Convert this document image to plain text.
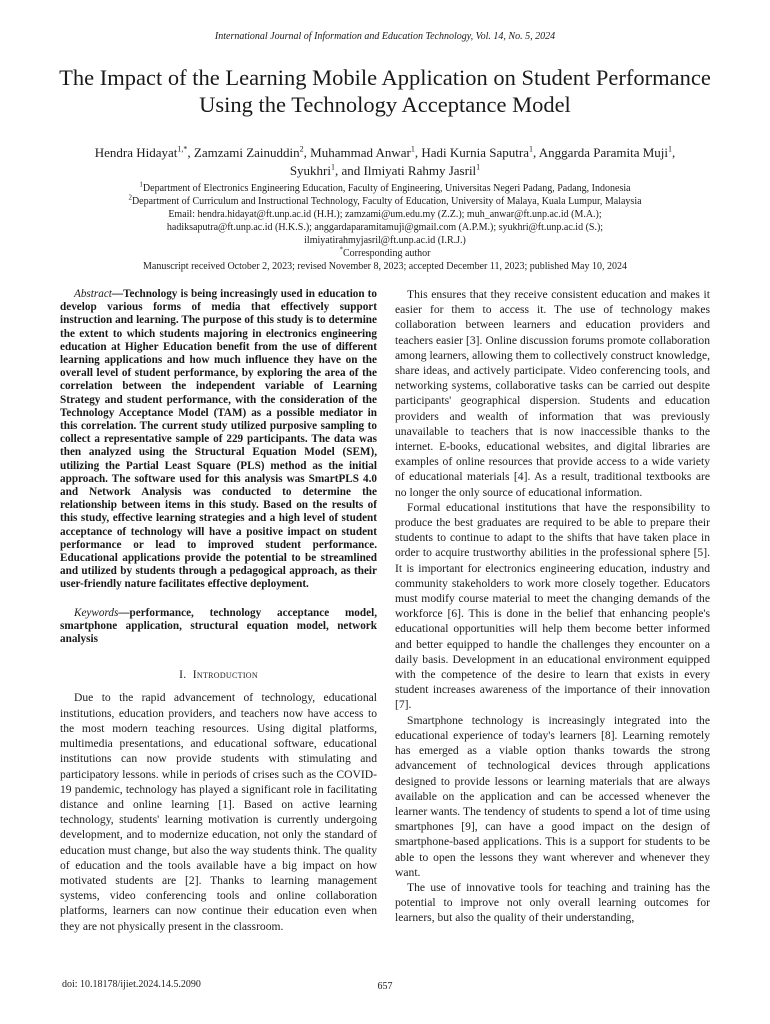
International Journal of Information and Education Technology, Vol. 14, No. 5, 2024
The Impact of the Learning Mobile Application on Student Performance Using the Technology Acceptance Model
Hendra Hidayat$^{1,*}$, Zamzami Zainuddin$^2$, Muhammad Anwar$^1$, Hadi Kurnia Saputra$^1$, Anggarda Paramita Muji$^1$,
Syukhri$^1$, and Ilmiyati Rahmy Jasril$^1$
$^1$Department of Electronics Engineering Education, Faculty of Engineering, Universitas Negeri Padang, Padang, Indonesia
$^2$Department of Curriculum and Instructional Technology, Faculty of Education, University of Malaya, Kuala Lumpur, Malaysia
Email: hendra.hidayat@ft.unp.ac.id (H.H.); zamzami@um.edu.my (Z.Z.); muh_anwar@ft.unp.ac.id (M.A.);
hadiksaputra@ft.unp.ac.id (H.K.S.); anggardaparamitamuji@gmail.com (A.P.M.); syukhri@ft.unp.ac.id (S.);
ilmiyatirahmyjasril@ft.unp.ac.id (I.R.J.)
*Corresponding author
Manuscript received October 2, 2023; revised November 8, 2023; accepted December 11, 2023; published May 10, 2024

Abstract—Technology is being increasingly used in education to develop various forms of media that effectively support instruction and learning. The purpose of this study is to determine the extent to which students majoring in electronics engineering education at Higher Education benefit from the use of different learning applications and how much influence they have on the overall level of student performance, by exploring the area of the correlation between the independent variable of Learning Strategy and student performance, with the consideration of the Technology Acceptance Model (TAM) as a possible mediator in this correlation. The current study utilized purposive sampling to collect a representative sample of 229 participants. The data was then analyzed using the Structural Equation Model (SEM), utilizing the Partial Least Square (PLS) method as the initial approach. The software used for this analysis was SmartPLS 4.0 and Network Analysis was conducted to determine the relationship between items in this study. Based on the results of this study, effective learning strategies and a high level of student acceptance of technology will have a positive impact on student performance or lead to improved student performance. Educational applications provide the potential to be streamlined and utilized by students through a pedagogical approach, as their user-friendly nature facilitates effective deployment.

Keywords—performance, technology acceptance model, smartphone application, structural equation model, network analysis

I. Introduction

Due to the rapid advancement of technology, educational institutions, education providers, and teachers now have access to the most modern teaching resources. Using digital platforms, multimedia presentations, and educational software, educational institutions can now provide students with stimulating and participatory lessons. while in periods of crises such as the COVID-19 pandemic, technology has played a significant role in facilitating distance and online learning [1]. Based on active learning technology, students' learning motivation is currently undergoing development, and to modernize education, not only the standard of education must change, but also the way students think. The quality of education and the tools available have a big impact on how motivated students are [2]. Thanks to learning management systems, video conferencing tools and online collaboration platforms, learners can now continue their education even when they are not physically present in the classroom.

This ensures that they receive consistent education and makes it easier for them to access it. The use of technology makes collaboration between learners and education providers and teachers easier [3]. Online discussion forums promote collaboration among learners, allowing them to collectively construct knowledge, share ideas, and actively participate. Video conferencing tools, and networking systems, collaborative tasks can be carried out despite participants' geographical dispersion. Students and education providers and wealth of information that was previously unavailable to teachers that is now inaccessible thanks to the internet. E-books, educational websites, and digital libraries are examples of online resources that provide access to a wide variety of educational materials [4]. As a result, traditional textbooks are no longer the only source of educational information.

Formal educational institutions that have the responsibility to produce the best graduates are required to be able to prepare their students to continue to adapt to the shifts that have taken place in order to acquire trustworthy abilities in the professional sphere [5]. It is important for electronics engineering education, industry and community stakeholders to work more closely together. Educators must modify course material to meet the changing demands of the workforce [6]. This is done in the belief that enhancing people's educational opportunities will help them become better informed and better equipped to handle the challenges they encounter on a daily basis. Development in an educational environment equipped with the competence of the desire to learn that exists in every student increases awareness of the importance of their innovation [7].

Smartphone technology is increasingly integrated into the educational experience of today's learners [8]. Learning remotely has emerged as a viable option thanks towards the strong advancement of technological devices through applications designed to provide lessons or learning materials that are always available on the application and can be accessed whenever the learner wants. The tendency of students to spend a lot of time using smartphones [9], can have a good impact on the design of smartphone-based applications. This is a support for students to be able to open the lessons they want wherever and whenever they want.

The use of innovative tools for teaching and training has the potential to improve not only overall learning outcomes for learners, but also the quality of their understanding,

doi: 10.18178/ijiet.2024.14.5.2090	657
